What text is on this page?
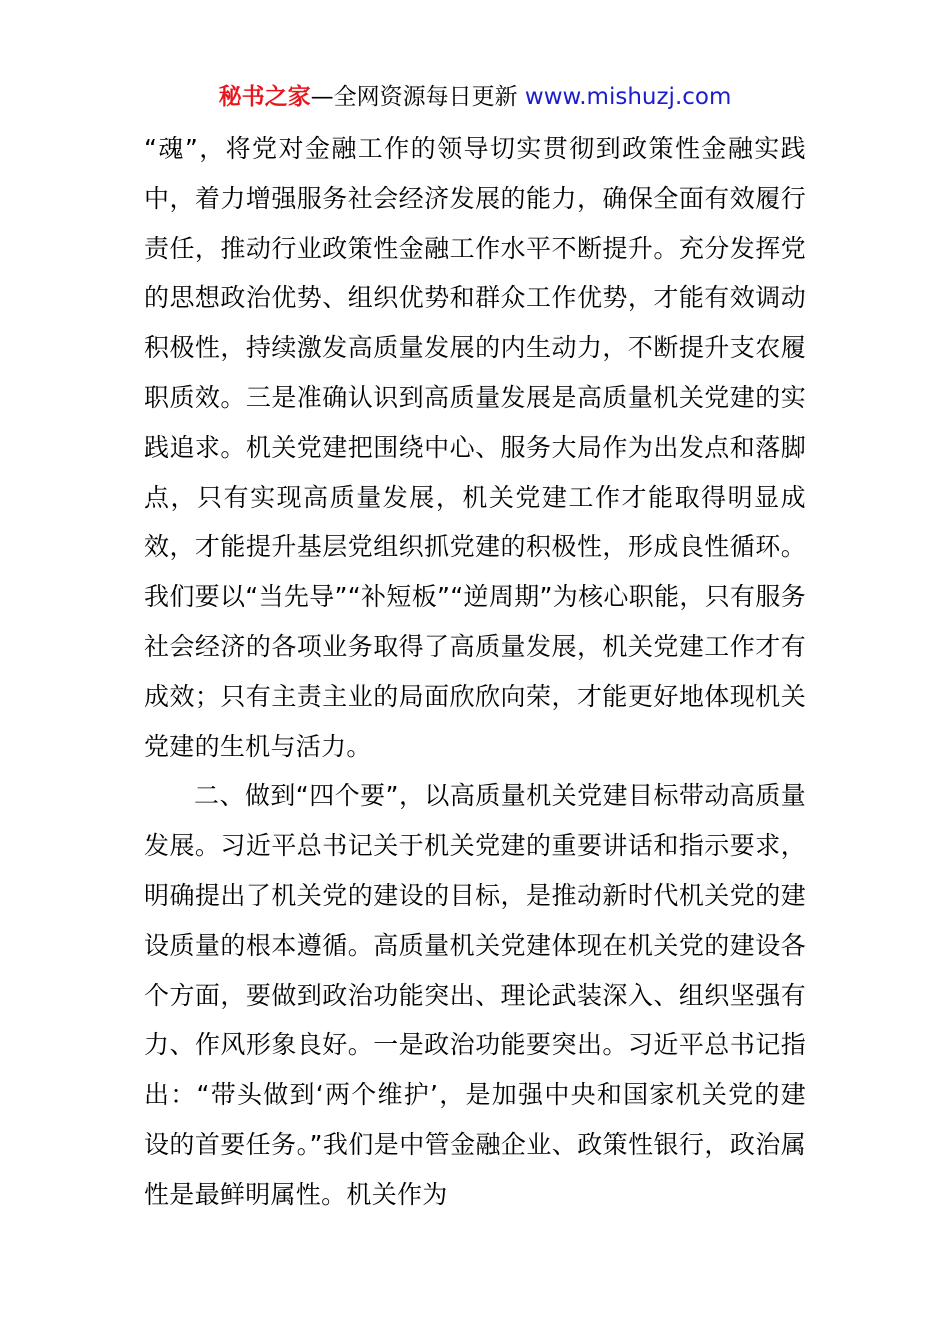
秘书之家—全网资源每日更新 www.mishuzj.com

“魂”，将党对金融工作的领导切实贯彻到政策性金融实践中，着力增强服务社会经济发展的能力，确保全面有效履行责任，推动行业政策性金融工作水平不断提升。充分发挥党的思想政治优势、组织优势和群众工作优势，才能有效调动积极性，持续激发高质量发展的内生动力，不断提升支农履职质效。三是准确认识到高质量发展是高质量机关党建的实践追求。机关党建把围绕中心、服务大局作为出发点和落脚点，只有实现高质量发展，机关党建工作才能取得明显成效，才能提升基层党组织抓党建的积极性，形成良性循环。我们要以“当先导”“补短板”“逆周期”为核心职能，只有服务社会经济的各项业务取得了高质量发展，机关党建工作才有成效；只有主责主业的局面欣欣向荣，才能更好地体现机关党建的生机与活力。

二、做到“四个要”，以高质量机关党建目标带动高质量发展。习近平总书记关于机关党建的重要讲话和指示要求，明确提出了机关党的建设的目标，是推动新时代机关党的建设质量的根本遵循。高质量机关党建体现在机关党的建设各个方面，要做到政治功能突出、理论武装深入、组织坚强有力、作风形象良好。一是政治功能要突出。习近平总书记指出：“带头做到‘两个维护’，是加强中央和国家机关党的建设的首要任务。”我们是中管金融企业、政策性银行，政治属性是最鲜明属性。机关作为
